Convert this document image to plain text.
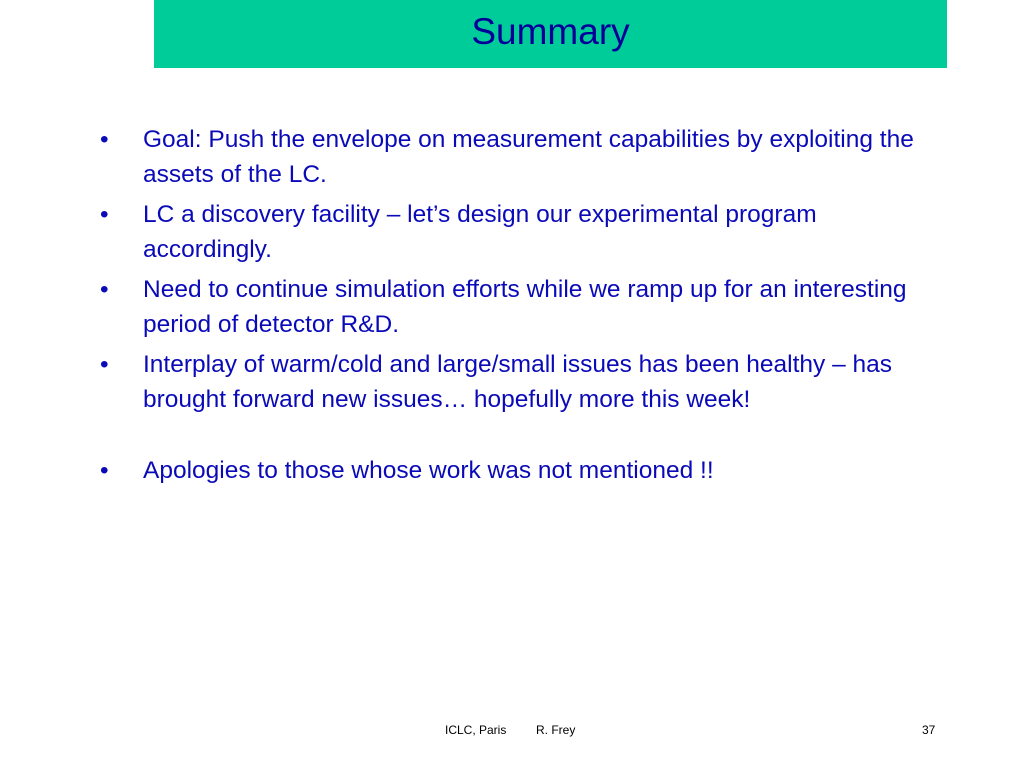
Summary
• Goal: Push the envelope on measurement capabilities by exploiting the assets of the LC.
• LC a discovery facility – let’s design our experimental program accordingly.
• Need to continue simulation efforts while we ramp up for an interesting period of detector R&D.
• Interplay of warm/cold and large/small issues has been healthy – has brought forward new issues… hopefully more this week!
• Apologies to those whose work was not mentioned !!
ICLC, Paris R. Frey	37
